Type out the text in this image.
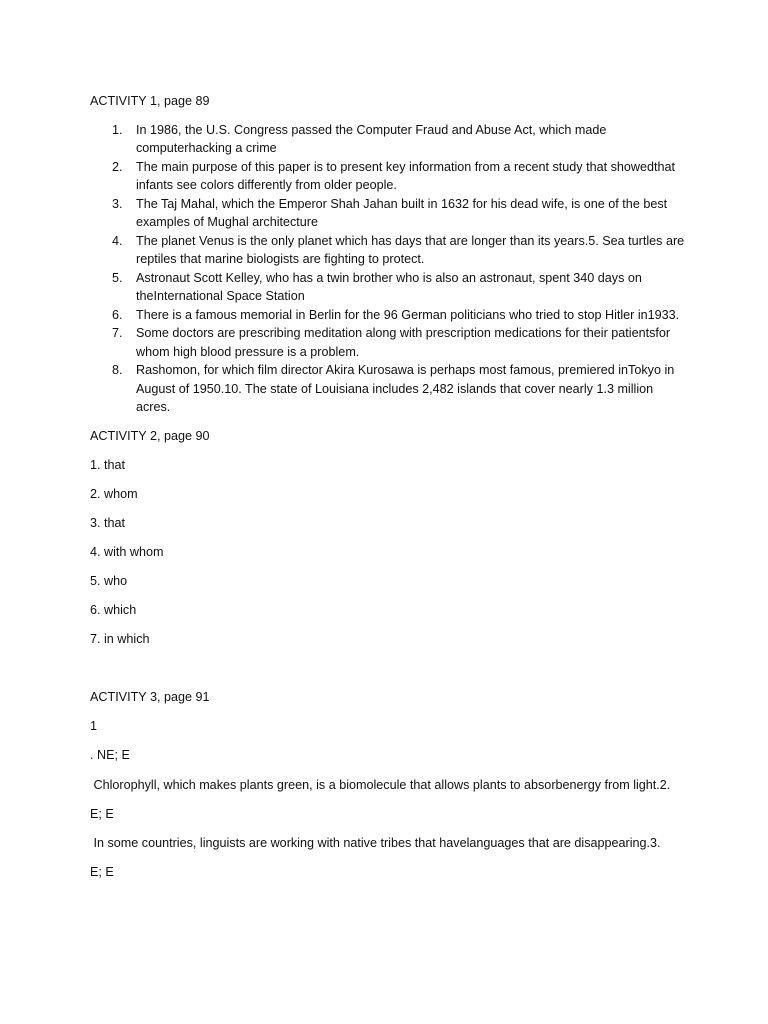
ACTIVITY 1, page 89

1. In 1986, the U.S. Congress passed the Computer Fraud and Abuse Act, which made computerhacking a crime
2. The main purpose of this paper is to present key information from a recent study that showedthat infants see colors differently from older people.
3. The Taj Mahal, which the Emperor Shah Jahan built in 1632 for his dead wife, is one of the best examples of Mughal architecture
4. The planet Venus is the only planet which has days that are longer than its years.5. Sea turtles are reptiles that marine biologists are fighting to protect.
5. Astronaut Scott Kelley, who has a twin brother who is also an astronaut, spent 340 days on theInternational Space Station
6. There is a famous memorial in Berlin for the 96 German politicians who tried to stop Hitler in1933.
7. Some doctors are prescribing meditation along with prescription medications for their patientsfor whom high blood pressure is a problem.
8. Rashomon, for which film director Akira Kurosawa is perhaps most famous, premiered inTokyo in August of 1950.10. The state of Louisiana includes 2,482 islands that cover nearly 1.3 million acres.

ACTIVITY 2, page 90

1. that

2. whom

3. that

4. with whom

5. who

6. which

7. in which

ACTIVITY 3, page 91

1

. NE; E

Chlorophyll, which makes plants green, is a biomolecule that allows plants to absorbenergy from light.2.

E; E

In some countries, linguists are working with native tribes that havelanguages that are disappearing.3.

E; E
